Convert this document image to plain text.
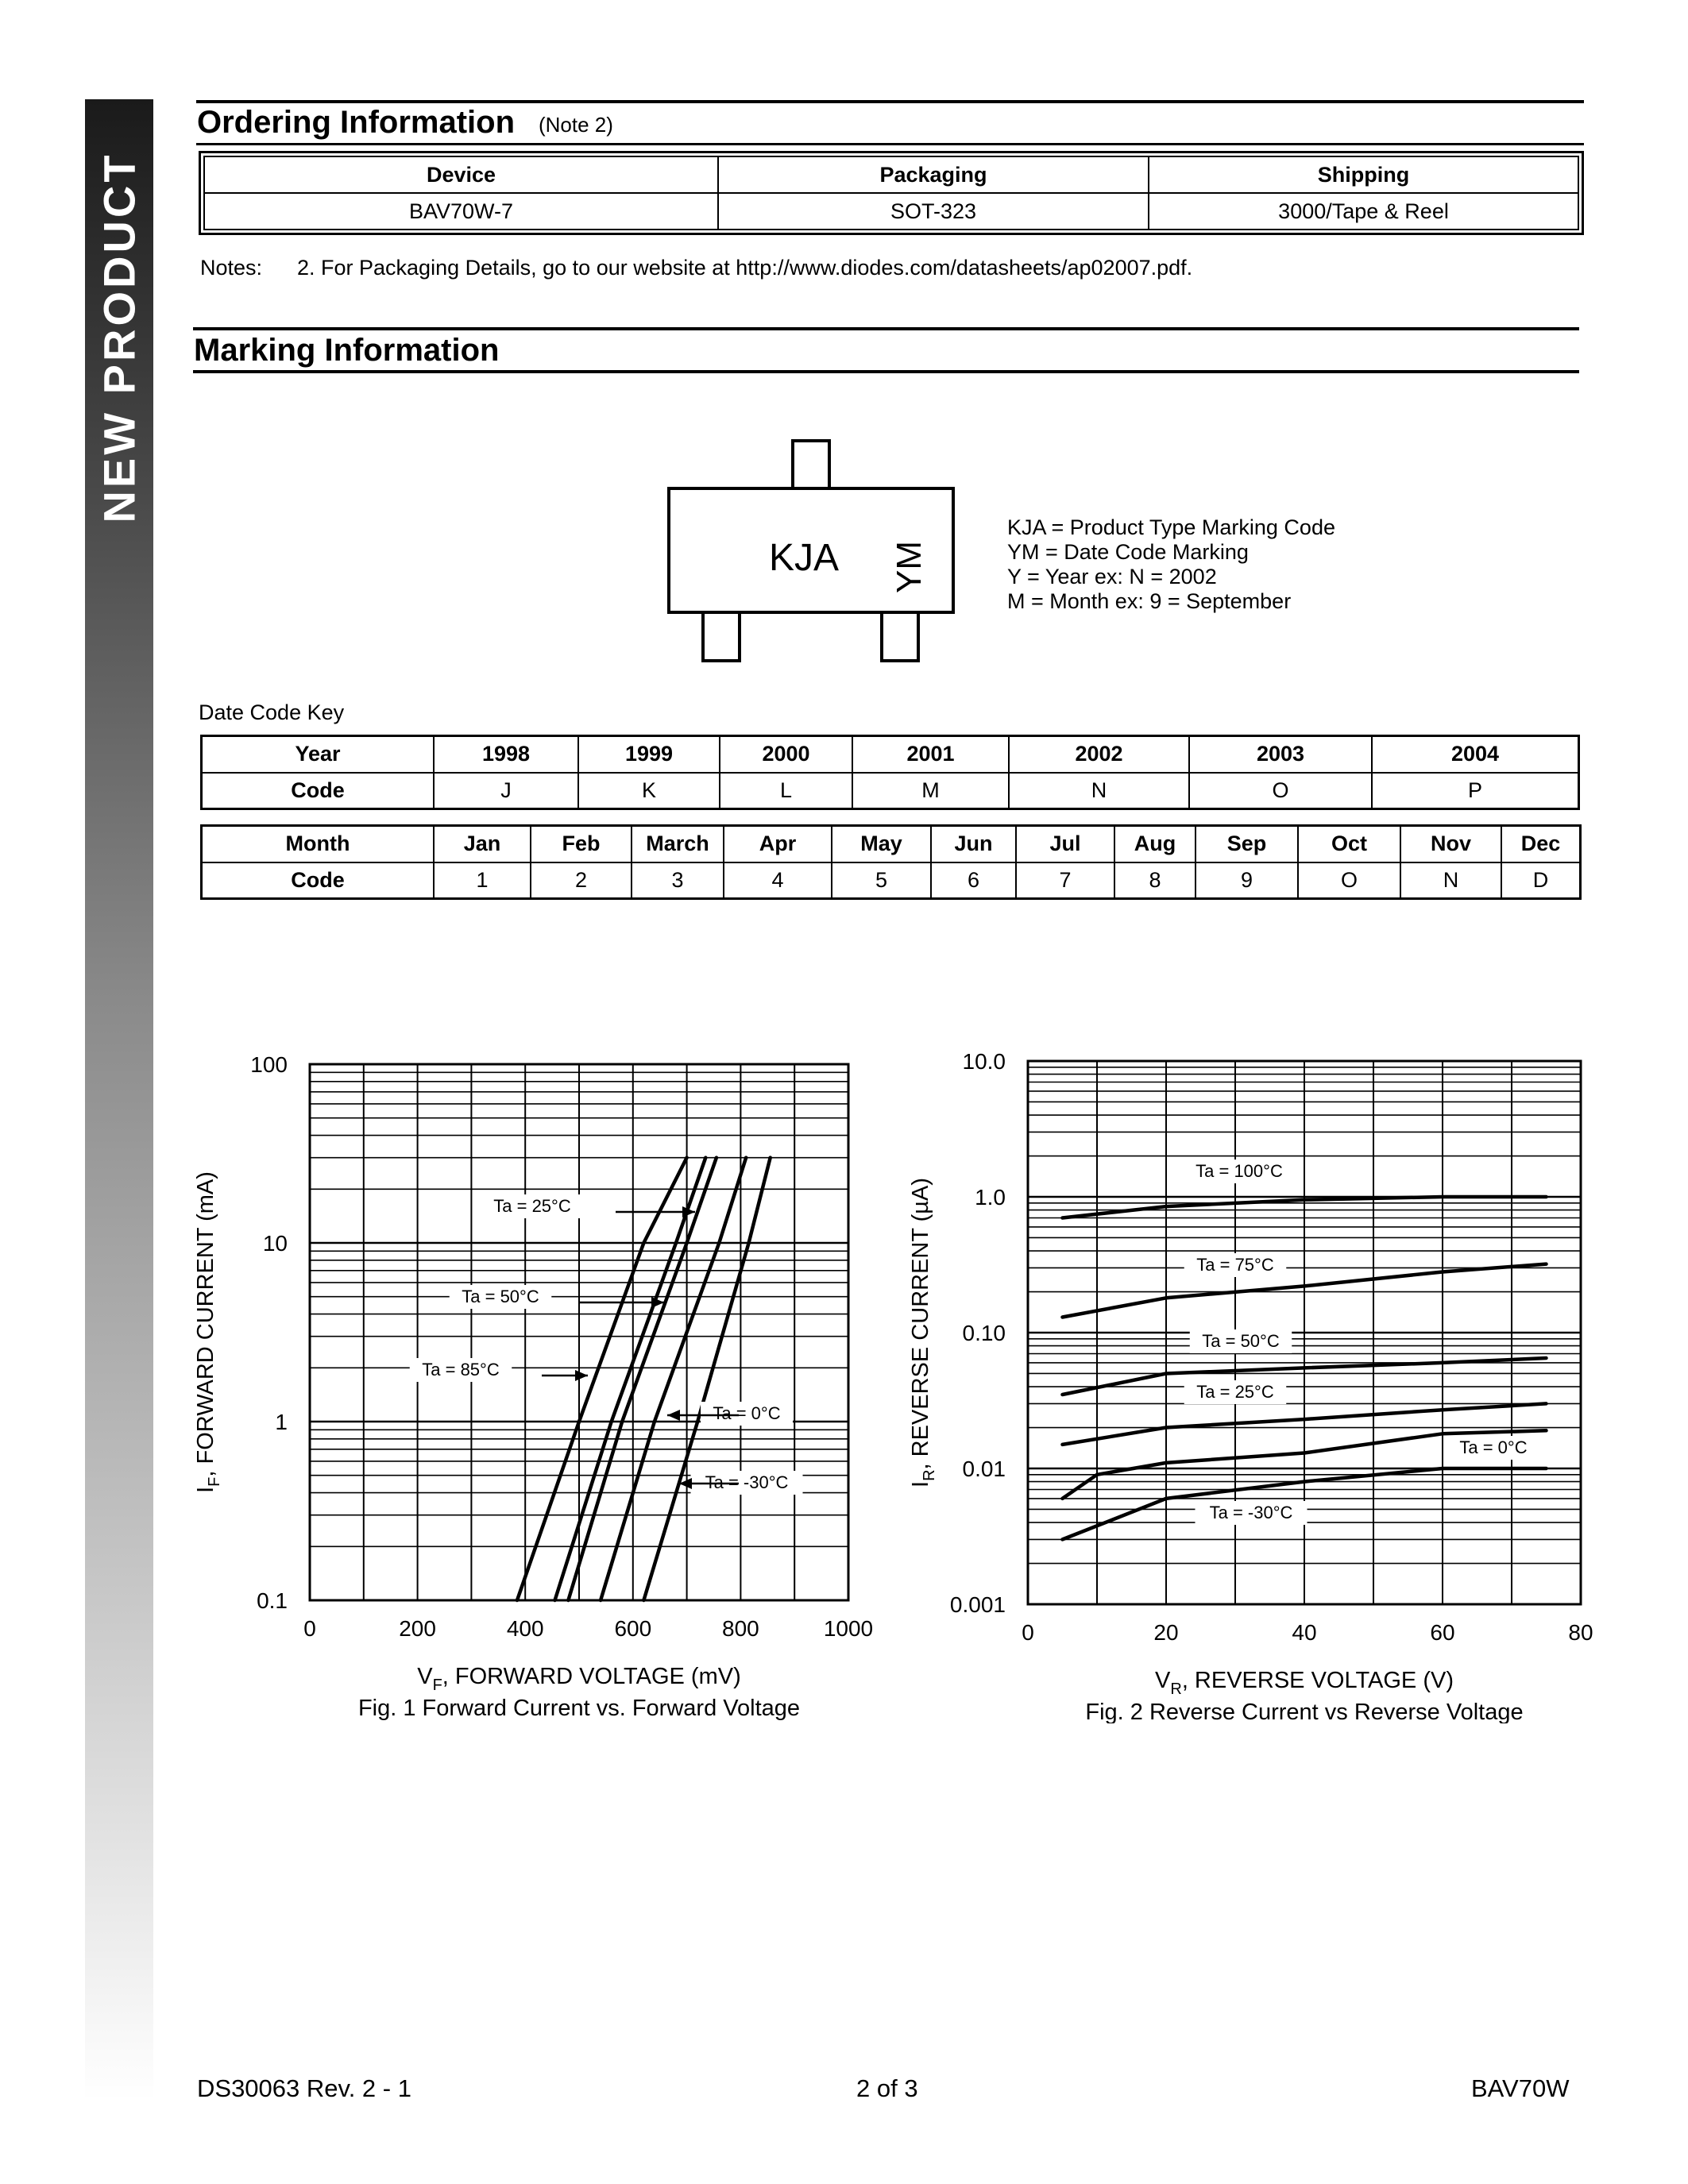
NEW PRODUCT
Ordering Information (Note 2)
Device	Packaging	Shipping
BAV70W-7	SOT-323	3000/Tape & Reel
Notes: 2. For Packaging Details, go to our website at http://www.diodes.com/datasheets/ap02007.pdf.
Marking Information
KJA YM
KJA = Product Type Marking Code
YM = Date Code Marking
Y = Year ex: N = 2002
M = Month ex: 9 = September
Date Code Key
Year	1998	1999	2000	2001	2002	2003	2004
Code	J	K	L	M	N	O	P
Month	Jan	Feb	March	Apr	May	Jun	Jul	Aug	Sep	Oct	Nov	Dec
Code	1	2	3	4	5	6	7	8	9	O	N	D
0	200	400	600	800	1000
0.1
1
10
100
$V_F$, FORWARD VOLTAGE (mV)
$I_F$, FORWARD CURRENT (mA)
Fig. 1 Forward Current vs. Forward Voltage
Ta = 25°C
Ta = 50°C
Ta = 85°C
Ta = 0°C
Ta = -30°C
0	20	40	60	80
0.001
0.01
0.10
1.0
10.0
$V_R$, REVERSE VOLTAGE (V)
$I_R$, REVERSE CURRENT (µA)
Fig. 2 Reverse Current vs Reverse Voltage
Ta = 100°C
Ta = 75°C
Ta = 50°C
Ta = 25°C
Ta = 0°C
Ta = -30°C
DS30063 Rev. 2 - 1	2 of 3	BAV70W
